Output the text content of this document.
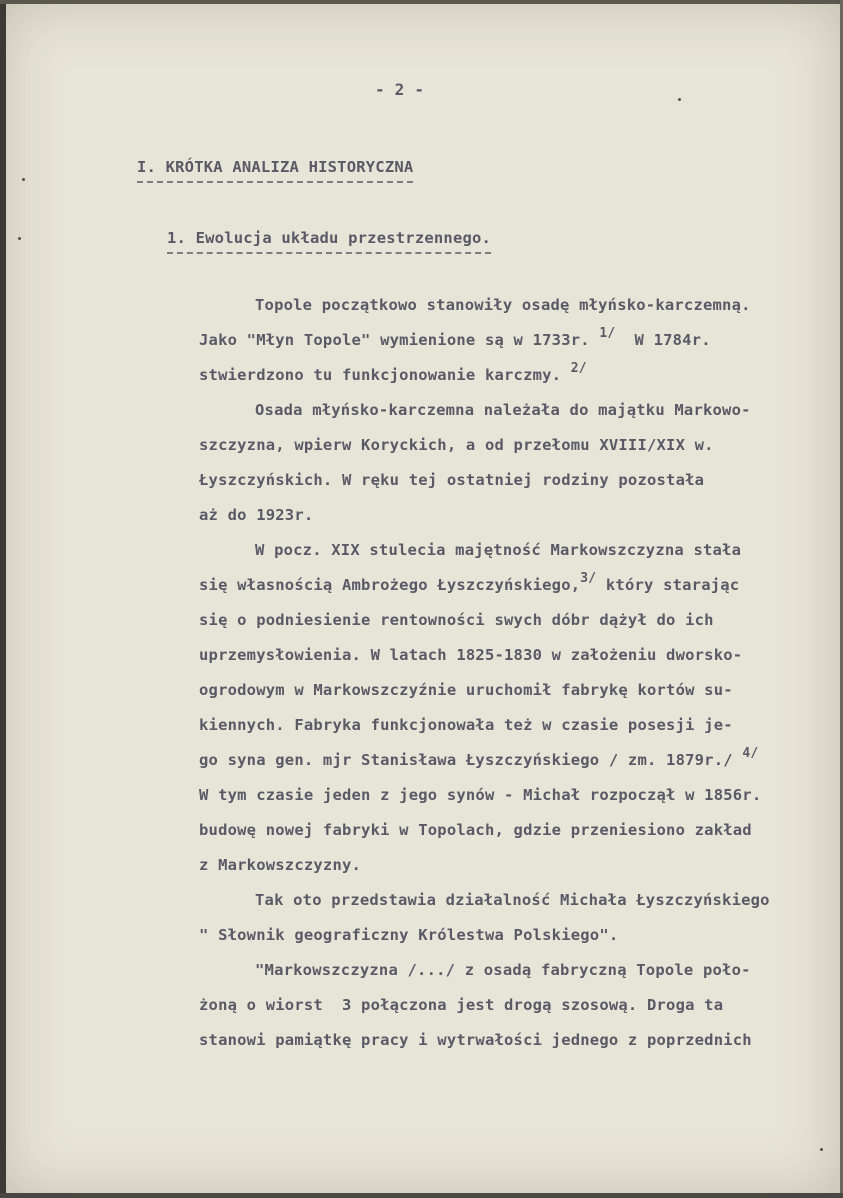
- 2 -
I. KRÓTKA ANALIZA HISTORYCZNA
1. Ewolucja układu przestrzennego.
Topole początkowo stanowiły osadę młyńsko-karczemną.
Jako "Młyn Topole" wymienione są w 1733r. $^{1/}$ W 1784r.
stwierdzono tu funkcjonowanie karczmy. $^{2/}$
Osada młyńsko-karczemna należała do majątku Markowo-
szczyzna, wpierw Koryckich, a od przełomu XVIII/XIX w.
Łyszczyńskich. W ręku tej ostatniej rodziny pozostała
aż do 1923r.
W pocz. XIX stulecia majętność Markowszczyzna stała
się własnością Ambrożego Łyszczyńskiego,$^{3/}$ który starając
się o podniesienie rentowności swych dóbr dążył do ich
uprzemysłowienia. W latach 1825-1830 w założeniu dworsko-
ogrodowym w Markowszczyźnie uruchomił fabrykę kortów su-
kiennych. Fabryka funkcjonowała też w czasie posesji je-
go syna gen. mjr Stanisława Łyszczyńskiego / zm. 1879r./ $^{4/}$
W tym czasie jeden z jego synów - Michał rozpoczął w 1856r.
budowę nowej fabryki w Topolach, gdzie przeniesiono zakład
z Markowszczyzny.
Tak oto przedstawia działalność Michała Łyszczyńskiego
" Słownik geograficzny Królestwa Polskiego".
"Markowszczyzna /.../ z osadą fabryczną Topole poło-
żoną o wiorst  3 połączona jest drogą szosową. Droga ta
stanowi pamiątkę pracy i wytrwałości jednego z poprzednich
